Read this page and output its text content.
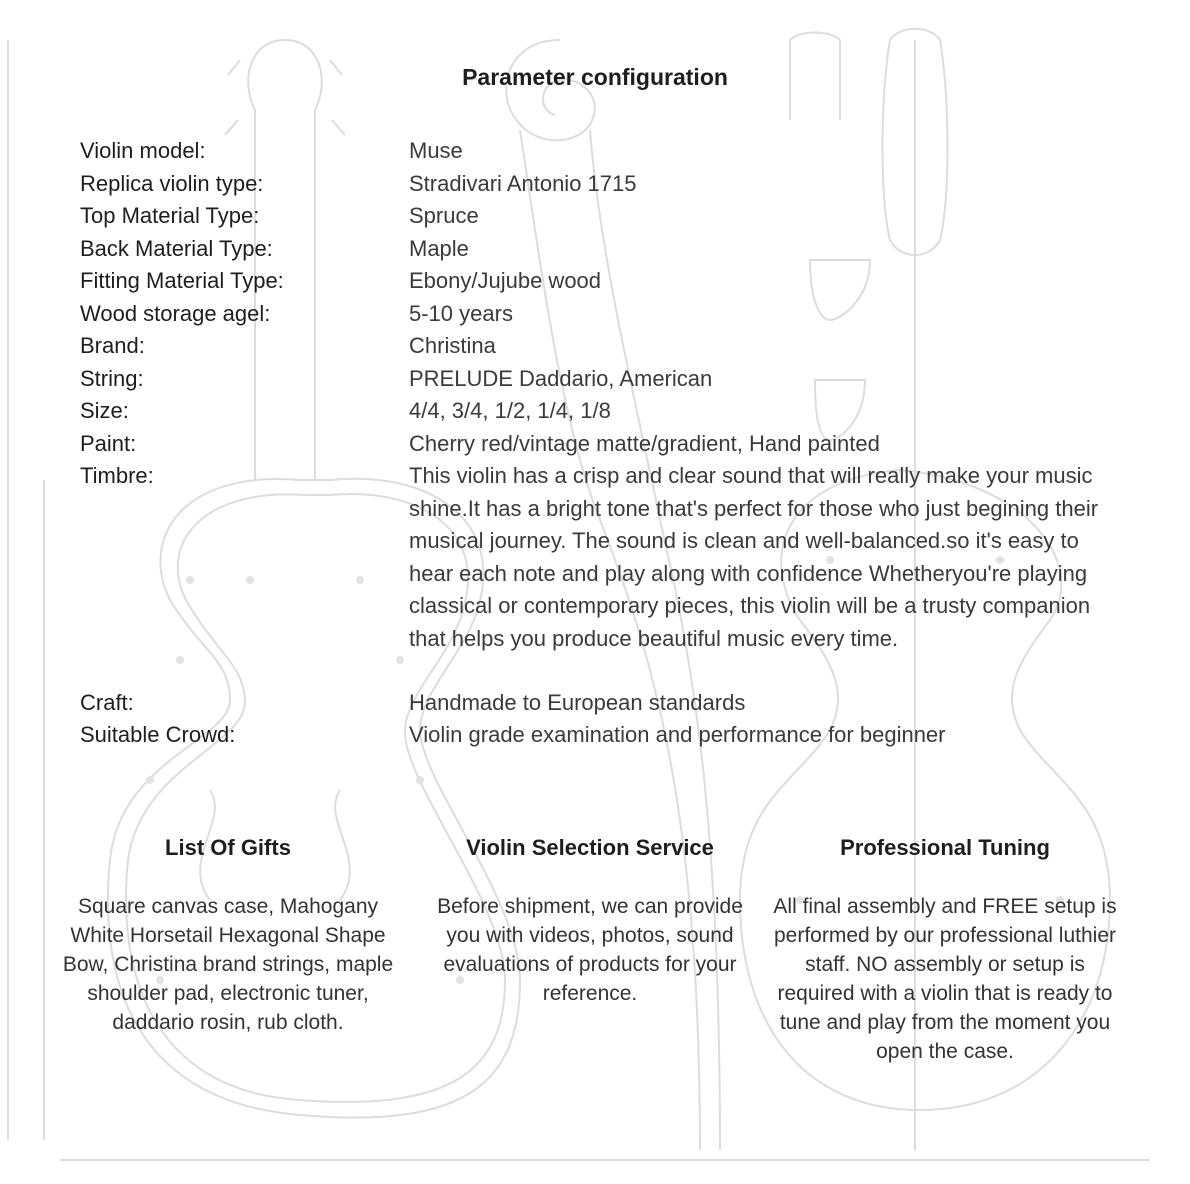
Parameter configuration
Violin model:	Muse
Replica violin type:	Stradivari Antonio 1715
Top Material Type:	Spruce
Back Material Type:	Maple
Fitting Material Type:	Ebony/Jujube wood
Wood storage agel:	5-10 years
Brand:	Christina
String:	PRELUDE Daddario, American
Size:	4/4, 3/4, 1/2, 1/4, 1/8
Paint:	Cherry red/vintage matte/gradient, Hand painted
Timbre:	This violin has a crisp and clear sound that will really make your music shine.It has a bright tone that's perfect for those who just begining their musical journey. The sound is clean and well-balanced.so it's easy to hear each note and play along with confidence Whetheryou're playing classical or contemporary pieces, this violin will be a trusty companion that helps you produce beautiful music every time.
Craft:	Handmade to European standards
Suitable Crowd:	Violin grade examination and performance for beginner
List Of Gifts
Square canvas case, Mahogany White Horsetail Hexagonal Shape Bow, Christina brand strings, maple shoulder pad, electronic tuner, daddario rosin, rub cloth.
Violin Selection Service
Before shipment, we can provide you with videos, photos, sound evaluations of products for your reference.
Professional Tuning
All final assembly and FREE setup is performed by our professional luthier staff. NO assembly or setup is required with a violin that is ready to tune and play from the moment you open the case.
